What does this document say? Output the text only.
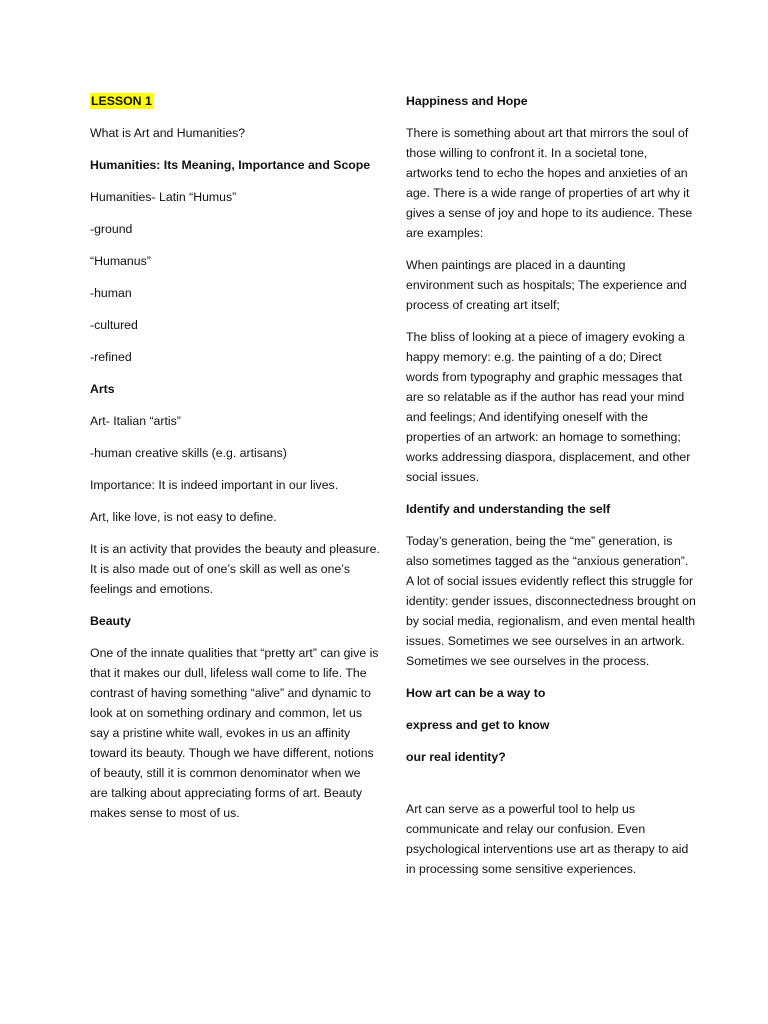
LESSON 1

What is Art and Humanities?

Humanities: Its Meaning, Importance and Scope

Humanities- Latin “Humus”

-ground

“Humanus”

-human

-cultured

-refined

Arts

Art- Italian “artis”

-human creative skills (e.g. artisans)

Importance: It is indeed important in our lives.

Art, like love, is not easy to define.

It is an activity that provides the beauty and pleasure. It is also made out of one’s skill as well as one’s feelings and emotions.

Beauty

One of the innate qualities that “pretty art” can give is that it makes our dull, lifeless wall come to life. The contrast of having something “alive” and dynamic to look at on something ordinary and common, let us say a pristine white wall, evokes in us an affinity toward its beauty. Though we have different, notions of beauty, still it is common denominator when we are talking about appreciating forms of art. Beauty makes sense to most of us.

Happiness and Hope

There is something about art that mirrors the soul of those willing to confront it. In a societal tone, artworks tend to echo the hopes and anxieties of an age. There is a wide range of properties of art why it gives a sense of joy and hope to its audience. These are examples:

When paintings are placed in a daunting environment such as hospitals; The experience and process of creating art itself;

The bliss of looking at a piece of imagery evoking a happy memory: e.g. the painting of a do; Direct words from typography and graphic messages that are so relatable as if the author has read your mind and feelings; And identifying oneself with the properties of an artwork: an homage to something; works addressing diaspora, displacement, and other social issues.

Identify and understanding the self

Today’s generation, being the “me” generation, is also sometimes tagged as the “anxious generation”. A lot of social issues evidently reflect this struggle for identity: gender issues, disconnectedness brought on by social media, regionalism, and even mental health issues. Sometimes we see ourselves in an artwork. Sometimes we see ourselves in the process.

How art can be a way to

express and get to know

our real identity?

Art can serve as a powerful tool to help us communicate and relay our confusion. Even psychological interventions use art as therapy to aid in processing some sensitive experiences.
